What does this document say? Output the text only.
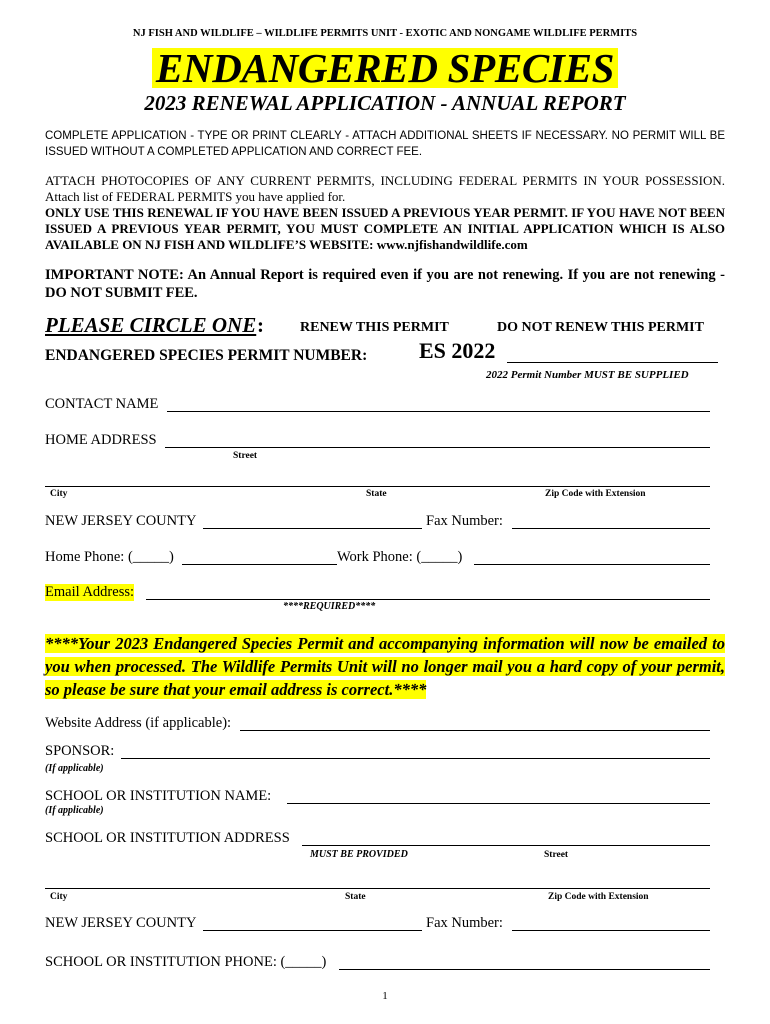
NJ FISH AND WILDLIFE – WILDLIFE PERMITS UNIT - EXOTIC AND NONGAME WILDLIFE PERMITS
ENDANGERED SPECIES
2023 RENEWAL APPLICATION - ANNUAL REPORT
COMPLETE APPLICATION - TYPE OR PRINT CLEARLY - ATTACH ADDITIONAL SHEETS IF NECESSARY. NO PERMIT WILL BE ISSUED WITHOUT A COMPLETED APPLICATION AND CORRECT FEE.
ATTACH PHOTOCOPIES OF ANY CURRENT PERMITS, INCLUDING FEDERAL PERMITS IN YOUR POSSESSION. Attach list of FEDERAL PERMITS you have applied for.
ONLY USE THIS RENEWAL IF YOU HAVE BEEN ISSUED A PREVIOUS YEAR PERMIT. IF YOU HAVE NOT BEEN ISSUED A PREVIOUS YEAR PERMIT, YOU MUST COMPLETE AN INITIAL APPLICATION WHICH IS ALSO AVAILABLE ON NJ FISH AND WILDLIFE’S WEBSITE: www.njfishandwildlife.com
IMPORTANT NOTE: An Annual Report is required even if you are not renewing. If you are not renewing - DO NOT SUBMIT FEE.
PLEASE CIRCLE ONE :	RENEW THIS PERMIT	DO NOT RENEW THIS PERMIT
ENDANGERED SPECIES PERMIT NUMBER: ES 2022
2022 Permit Number MUST BE SUPPLIED
CONTACT NAME
HOME ADDRESS
Street
City	State	Zip Code with Extension
NEW JERSEY COUNTY	Fax Number:
Home Phone: (_____)	Work Phone: (_____)
Email Address:
****REQUIRED****
****Your 2023 Endangered Species Permit and accompanying information will now be emailed to you when processed. The Wildlife Permits Unit will no longer mail you a hard copy of your permit, so please be sure that your email address is correct.****
Website Address (if applicable):
SPONSOR:
(If applicable)
SCHOOL OR INSTITUTION NAME:
(If applicable)
SCHOOL OR INSTITUTION ADDRESS
MUST BE PROVIDED	Street
City	State	Zip Code with Extension
NEW JERSEY COUNTY	Fax Number:
SCHOOL OR INSTITUTION PHONE: (_____)
1
